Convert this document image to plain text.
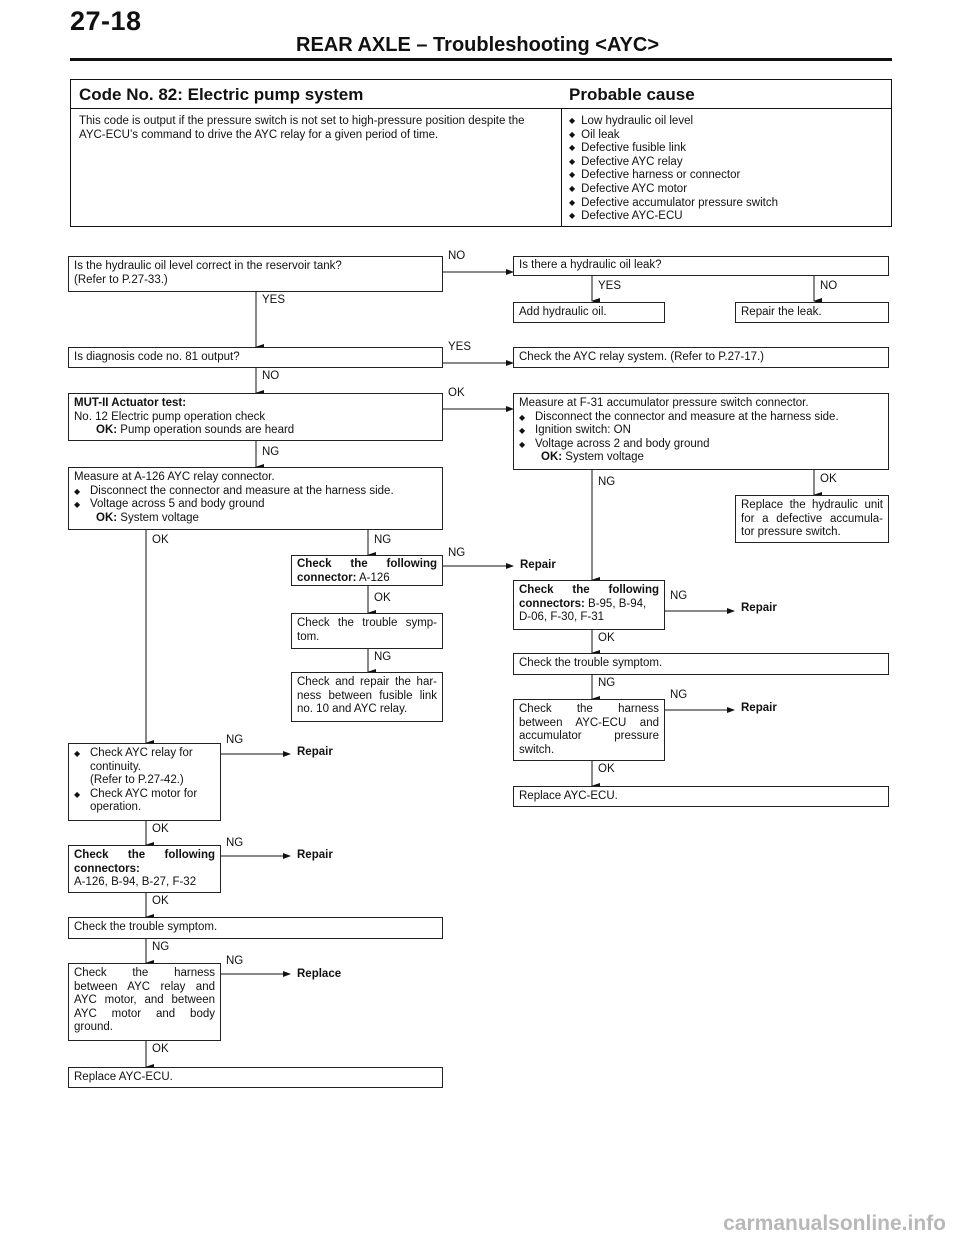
27-18
REAR AXLE – Troubleshooting <AYC>
Code No. 82: Electric pump system	Probable cause
This code is output if the pressure switch is not set to high-pressure position despite the AYC-ECU’s command to drive the AYC relay for a given period of time.
◆ Low hydraulic oil level
◆ Oil leak
◆ Defective fusible link
◆ Defective AYC relay
◆ Defective harness or connector
◆ Defective AYC motor
◆ Defective accumulator pressure switch
◆ Defective AYC-ECU
Is the hydraulic oil level correct in the reservoir tank?
(Refer to P.27-33.)
Is there a hydraulic oil leak?
Add hydraulic oil.	Repair the leak.
Is diagnosis code no. 81 output?	Check the AYC relay system. (Refer to P.27-17.)
MUT-II Actuator test:
No. 12 Electric pump operation check
OK: Pump operation sounds are heard
Measure at F-31 accumulator pressure switch connector.
◆ Disconnect the connector and measure at the harness side.
◆ Ignition switch: ON
◆ Voltage across 2 and body ground
OK: System voltage
Measure at A-126 AYC relay connector.
◆ Disconnect the connector and measure at the harness side.
◆ Voltage across 5 and body ground
OK: System voltage
Replace the hydraulic unit
for a defective accumula-
tor pressure switch.
Check the following
connector: A-126
Check the following
connectors: B-95, B-94,
D-06, F-30, F-31
Check the trouble symp-
tom.
Check the trouble symptom.
Check and repair the har-
ness between fusible link
no. 10 and AYC relay.	Check the harness
between AYC-ECU and
accumulator pressure
switch.
◆ Check AYC relay for
continuity.
(Refer to P.27-42.)
◆ Check AYC motor for
operation.
Replace AYC-ECU.
Check the following
connectors:
A-126, B-94, B-27, F-32
Check the trouble symptom.
Check the harness
between AYC relay and
AYC motor, and between
AYC motor and body
ground.
Replace AYC-ECU.
NO
YES
YES	NO
YES
NO
OK
NG
NG	OK
OK	NG
NG
Repair
OK	NG
Repair
OK
NG
NG
NG
Repair
NG
Repair
OK
OK
NG
Repair
OK
NG
NG
Replace
OK
carmanualsonline.info
